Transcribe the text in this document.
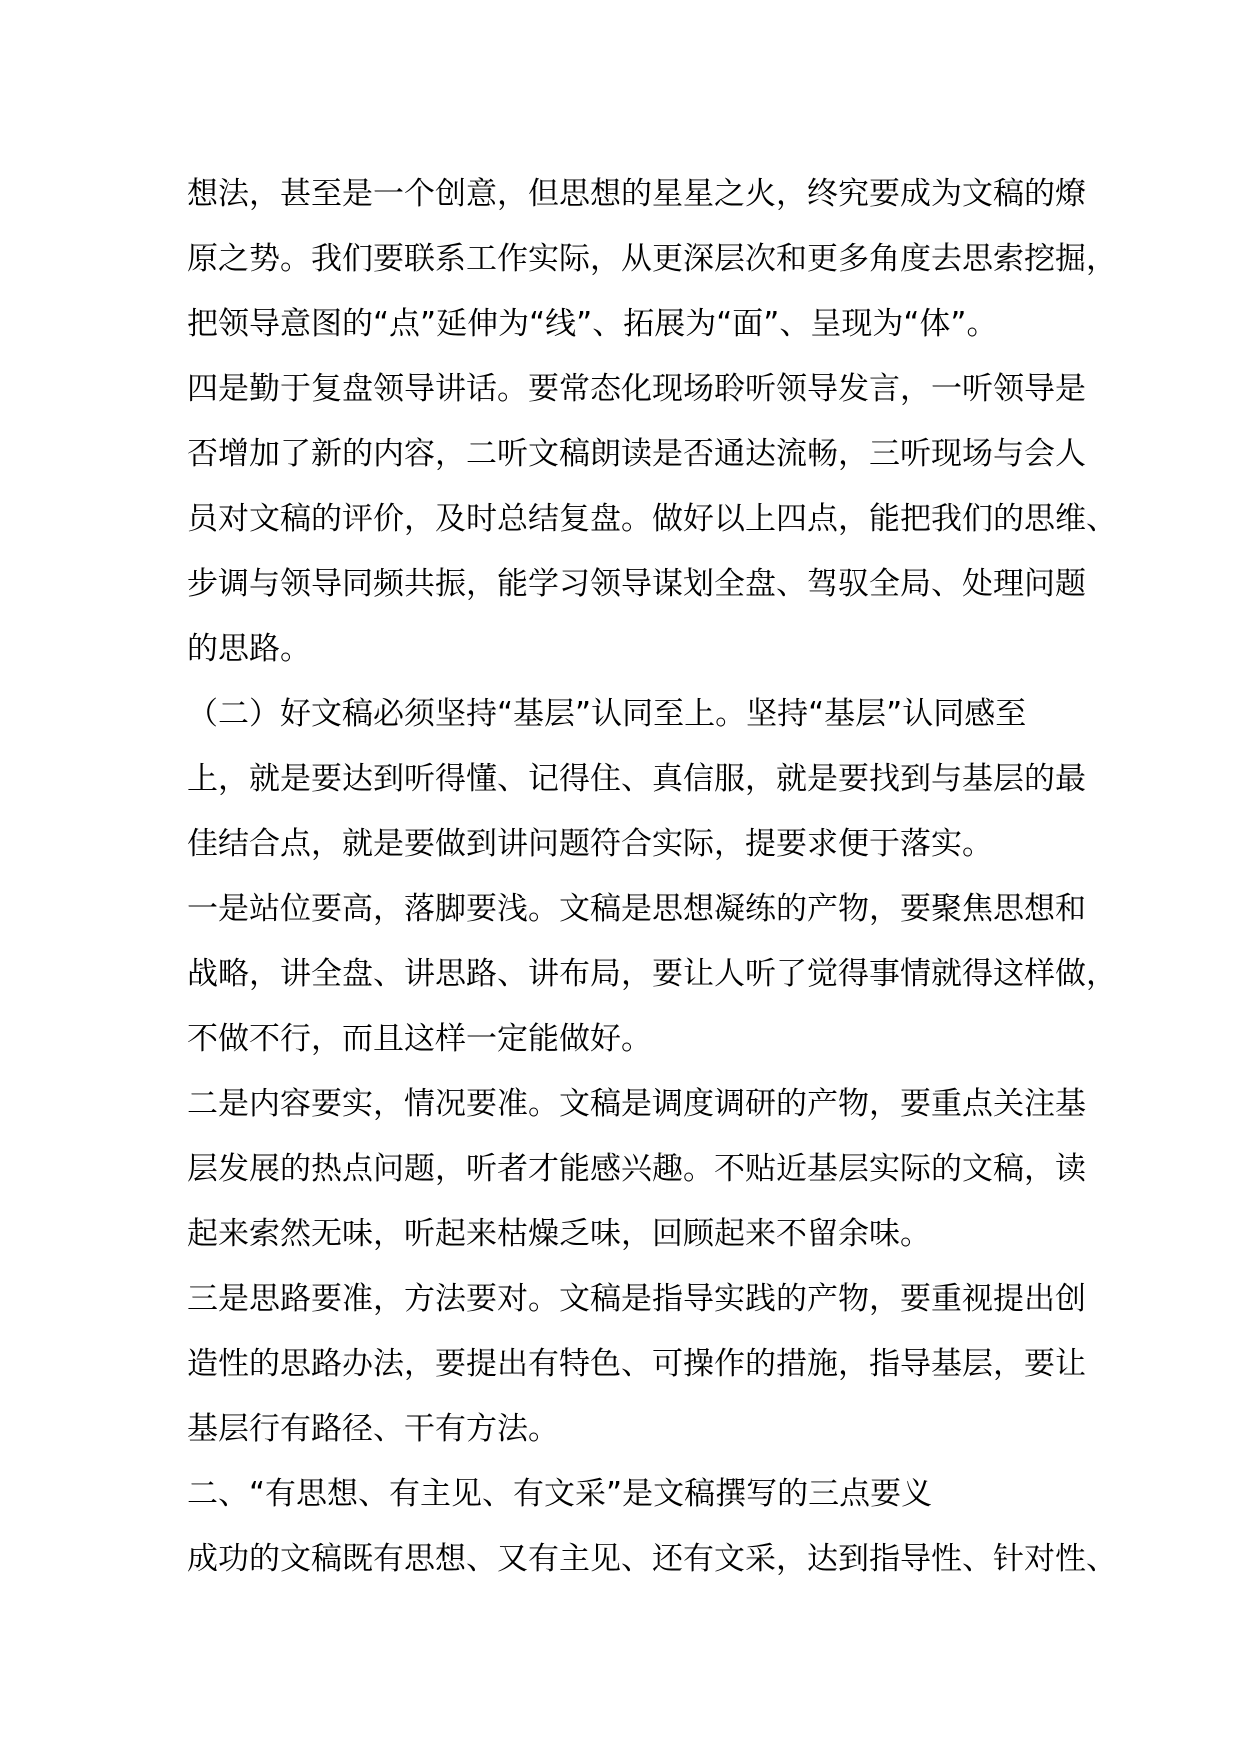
想法，甚至是一个创意，但思想的星星之火，终究要成为文稿的燎
原之势。我们要联系工作实际，从更深层次和更多角度去思索挖掘，
把领导意图的“点”延伸为“线”、拓展为“面”、呈现为“体”。
四是勤于复盘领导讲话。要常态化现场聆听领导发言，一听领导是
否增加了新的内容，二听文稿朗读是否通达流畅，三听现场与会人
员对文稿的评价，及时总结复盘。做好以上四点，能把我们的思维、
步调与领导同频共振，能学习领导谋划全盘、驾驭全局、处理问题
的思路。
（二）好文稿必须坚持“基层”认同至上。坚持“基层”认同感至
上，就是要达到听得懂、记得住、真信服，就是要找到与基层的最
佳结合点，就是要做到讲问题符合实际，提要求便于落实。
一是站位要高，落脚要浅。文稿是思想凝练的产物，要聚焦思想和
战略，讲全盘、讲思路、讲布局，要让人听了觉得事情就得这样做，
不做不行，而且这样一定能做好。
二是内容要实，情况要准。文稿是调度调研的产物，要重点关注基
层发展的热点问题，听者才能感兴趣。不贴近基层实际的文稿，读
起来索然无味，听起来枯燥乏味，回顾起来不留余味。
三是思路要准，方法要对。文稿是指导实践的产物，要重视提出创
造性的思路办法，要提出有特色、可操作的措施，指导基层，要让
基层行有路径、干有方法。
二、“有思想、有主见、有文采”是文稿撰写的三点要义
成功的文稿既有思想、又有主见、还有文采，达到指导性、针对性、
